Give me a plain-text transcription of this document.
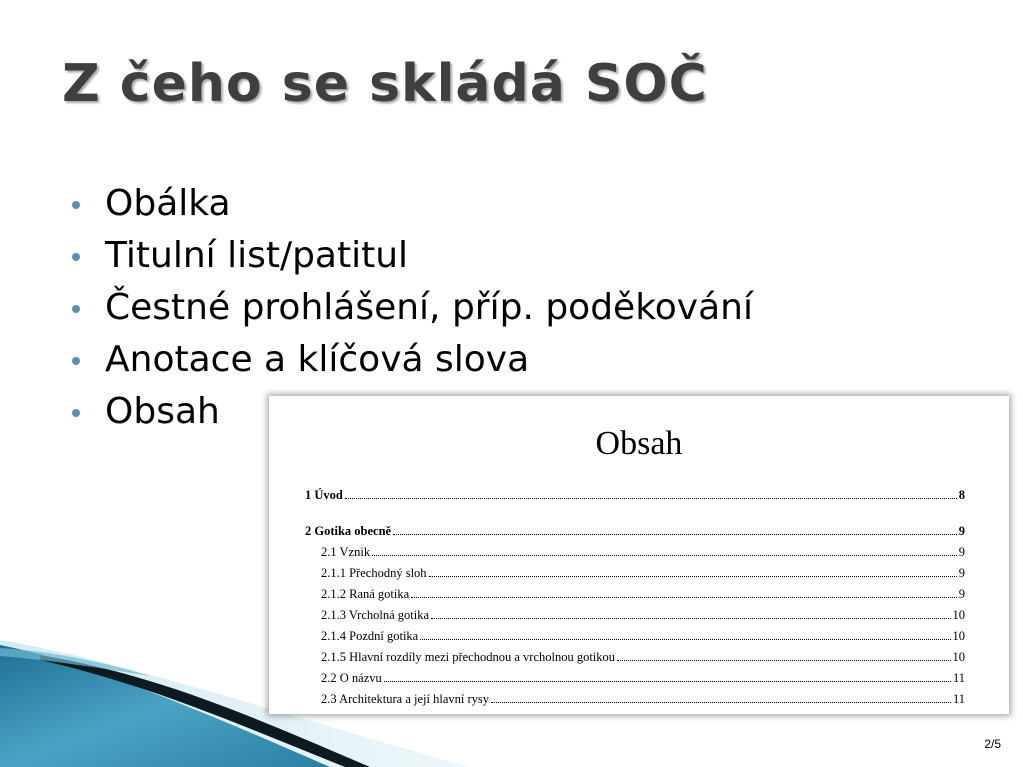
Z čeho se skládá SOČ
Obálka
Titulní list/patitul
Čestné prohlášení, příp. poděkování
Anotace a klíčová slova
Obsah
Obsah
1 Úvod	8
2 Gotika obecně	9
2.1 Vznik	9
2.1.1 Přechodný sloh	9
2.1.2 Raná gotika	9
2.1.3 Vrcholná gotika	10
2.1.4 Pozdní gotika	10
2.1.5 Hlavní rozdíly mezi přechodnou a vrcholnou gotikou	10
2.2 O názvu	11
2.3 Architektura a její hlavní rysy	11
2/5
